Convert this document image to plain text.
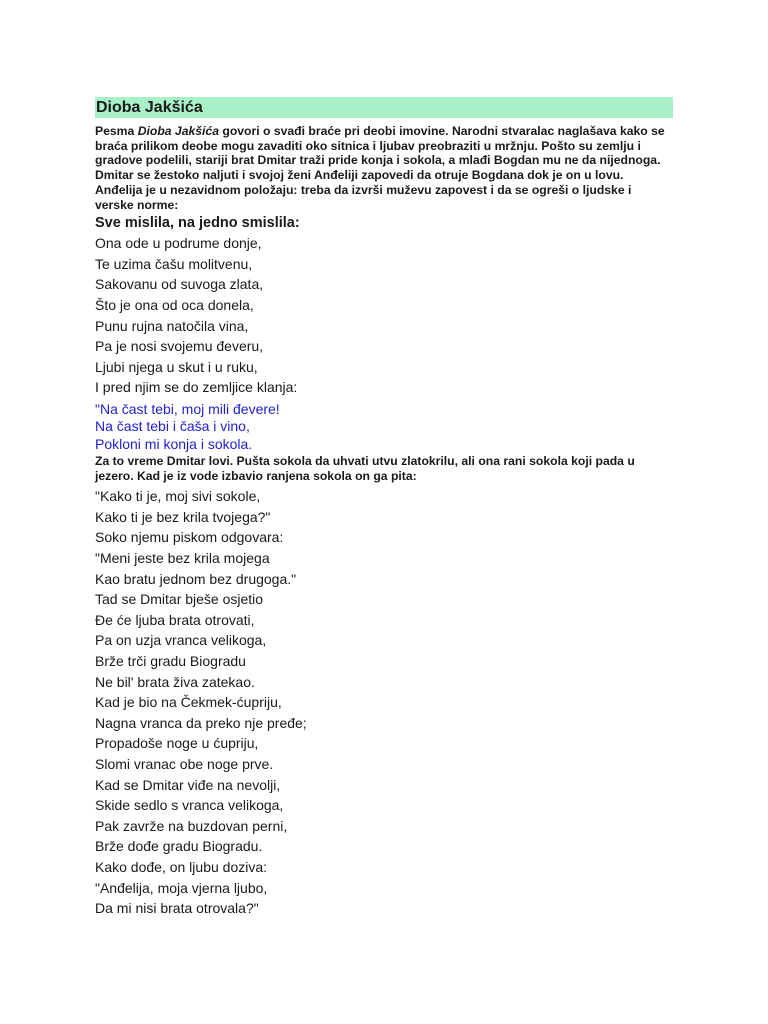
Dioba Jakšića

Pesma Dioba Jakšića govori o svađi braće pri deobi imovine. Narodni stvaralac naglašava kako se braća prilikom deobe mogu zavaditi oko sitnica i ljubav preobraziti u mržnju. Pošto su zemlju i gradove podelili, stariji brat Dmitar traži pride konja i sokola, a mlađi Bogdan mu ne da nijednoga. Dmitar se žestoko naljuti i svojoj ženi Anđeliji zapovedi da otruje Bogdana dok je on u lovu. Anđelija je u nezavidnom položaju: treba da izvrši muževu zapovest i da se ogreši o ljudske i verske norme:

Sve mislila, na jedno smislila:
Ona ode u podrume donje,
Te uzima čašu molitvenu,
Sakovanu od suvoga zlata,
Što je ona od oca donela,
Punu rujna natočila vina,
Pa je nosi svojemu đeveru,
Ljubi njega u skut i u ruku,
I pred njim se do zemljice klanja:
"Na čast tebi, moj mili đevere!
Na čast tebi i čaša i vino,
Pokloni mi konja i sokola.

Za to vreme Dmitar lovi. Pušta sokola da uhvati utvu zlatokrilu, ali ona rani sokola koji pada u jezero. Kad je iz vode izbavio ranjena sokola on ga pita:

"Kako ti je, moj sivi sokole,
Kako ti je bez krila tvojega?"
Soko njemu piskom odgovara:
"Meni jeste bez krila mojega
Kao bratu jednom bez drugoga."
Tad se Dmitar bješe osjetio
Đe će ljuba brata otrovati,
Pa on uzja vranca velikoga,
Brže trči gradu Biogradu
Ne bil' brata živa zatekao.
Kad je bio na Čekmek-ćupriju,
Nagna vranca da preko nje pređe;
Propadoše noge u ćupriju,
Slomi vranac obe noge prve.
Kad se Dmitar viđe na nevolji,
Skide sedlo s vranca velikoga,
Pak zavrže na buzdovan perni,
Brže dođe gradu Biogradu.
Kako dođe, on ljubu doziva:
"Anđelija, moja vjerna ljubo,
Da mi nisi brata otrovala?"
